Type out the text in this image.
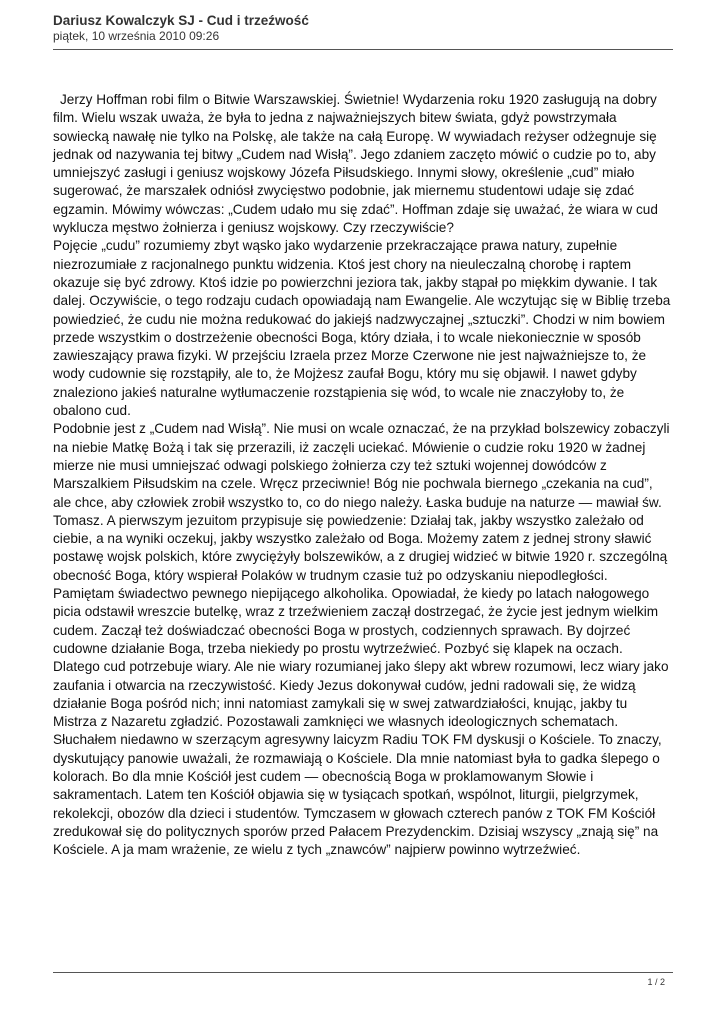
Dariusz Kowalczyk SJ - Cud i trzeźwość
piątek, 10 września 2010 09:26

Jerzy Hoffman robi film o Bitwie Warszawskiej. Świetnie! Wydarzenia roku 1920 zasługują na dobry film. Wielu wszak uważa, że była to jedna z najważniejszych bitew świata, gdyż powstrzymała sowiecką nawałę nie tylko na Polskę, ale także na całą Europę. W wywiadach reżyser odżegnuje się jednak od nazywania tej bitwy „Cudem nad Wisłą”. Jego zdaniem zaczęto mówić o cudzie po to, aby umniejszyć zasługi i geniusz wojskowy Józefa Piłsudskiego. Innymi słowy, określenie „cud” miało sugerować, że marszałek odniósł zwycięstwo podobnie, jak miernemu studentowi udaje się zdać egzamin. Mówimy wówczas: „Cudem udało mu się zdać”. Hoffman zdaje się uważać, że wiara w cud wyklucza męstwo żołnierza i geniusz wojskowy. Czy rzeczywiście?

Pojęcie „cudu” rozumiemy zbyt wąsko jako wydarzenie przekraczające prawa natury, zupełnie niezrozumiałe z racjonalnego punktu widzenia. Ktoś jest chory na nieuleczalną chorobę i raptem okazuje się być zdrowy. Ktoś idzie po powierzchni jeziora tak, jakby stąpał po miękkim dywanie. I tak dalej. Oczywiście, o tego rodzaju cudach opowiadają nam Ewangelie. Ale wczytując się w Biblię trzeba powiedzieć, że cudu nie można redukować do jakiejś nadzwyczajnej „sztuczki”. Chodzi w nim bowiem przede wszystkim o dostrzeżenie obecności Boga, który działa, i to wcale niekoniecznie w sposób zawieszający prawa fizyki. W przejściu Izraela przez Morze Czerwone nie jest najważniejsze to, że wody cudownie się rozstąpiły, ale to, że Mojżesz zaufał Bogu, który mu się objawił. I nawet gdyby znaleziono jakieś naturalne wytłumaczenie rozstąpienia się wód, to wcale nie znaczyłoby to, że obalono cud.

Podobnie jest z „Cudem nad Wisłą”. Nie musi on wcale oznaczać, że na przykład bolszewicy zobaczyli na niebie Matkę Bożą i tak się przerazili, iż zaczęli uciekać. Mówienie o cudzie roku 1920 w żadnej mierze nie musi umniejszać odwagi polskiego żołnierza czy też sztuki wojennej dowódców z Marszalkiem Piłsudskim na czele. Wręcz przeciwnie! Bóg nie pochwala biernego „czekania na cud”, ale chce, aby człowiek zrobił wszystko to, co do niego należy. Łaska buduje na naturze — mawiał św. Tomasz. A pierwszym jezuitom przypisuje się powiedzenie: Działaj tak, jakby wszystko zależało od ciebie, a na wyniki oczekuj, jakby wszystko zależało od Boga. Możemy zatem z jednej strony sławić postawę wojsk polskich, które zwyciężyły bolszewików, a z drugiej widzieć w bitwie 1920 r. szczególną obecność Boga, który wspierał Polaków w trudnym czasie tuż po odzyskaniu niepodległości.

Pamiętam świadectwo pewnego niepijącego alkoholika. Opowiadał, że kiedy po latach nałogowego picia odstawił wreszcie butelkę, wraz z trzeźwieniem zaczął dostrzegać, że życie jest jednym wielkim cudem. Zaczął też doświadczać obecności Boga w prostych, codziennych sprawach. By dojrzeć cudowne działanie Boga, trzeba niekiedy po prostu wytrzeźwieć. Pozbyć się klapek na oczach. Dlatego cud potrzebuje wiary. Ale nie wiary rozumianej jako ślepy akt wbrew rozumowi, lecz wiary jako zaufania i otwarcia na rzeczywistość. Kiedy Jezus dokonywał cudów, jedni radowali się, że widzą działanie Boga pośród nich; inni natomiast zamykali się w swej zatwardziałości, knując, jakby tu Mistrza z Nazaretu zgładzić. Pozostawali zamknięci we własnych ideologicznych schematach.

Słuchałem niedawno w szerzącym agresywny laicyzm Radiu TOK FM dyskusji o Kościele. To znaczy, dyskutujący panowie uważali, że rozmawiają o Kościele. Dla mnie natomiast była to gadka ślepego o kolorach. Bo dla mnie Kościół jest cudem — obecnością Boga w proklamowanym Słowie i sakramentach. Latem ten Kościół objawia się w tysiącach spotkań, wspólnot, liturgii, pielgrzymek, rekolekcji, obozów dla dzieci i studentów. Tymczasem w głowach czterech panów z TOK FM Kościół zredukował się do politycznych sporów przed Pałacem Prezydenckim. Dzisiaj wszyscy „znają się” na Kościele. A ja mam wrażenie, ze wielu z tych „znawców” najpierw powinno wytrzeźwieć.

1 / 2
